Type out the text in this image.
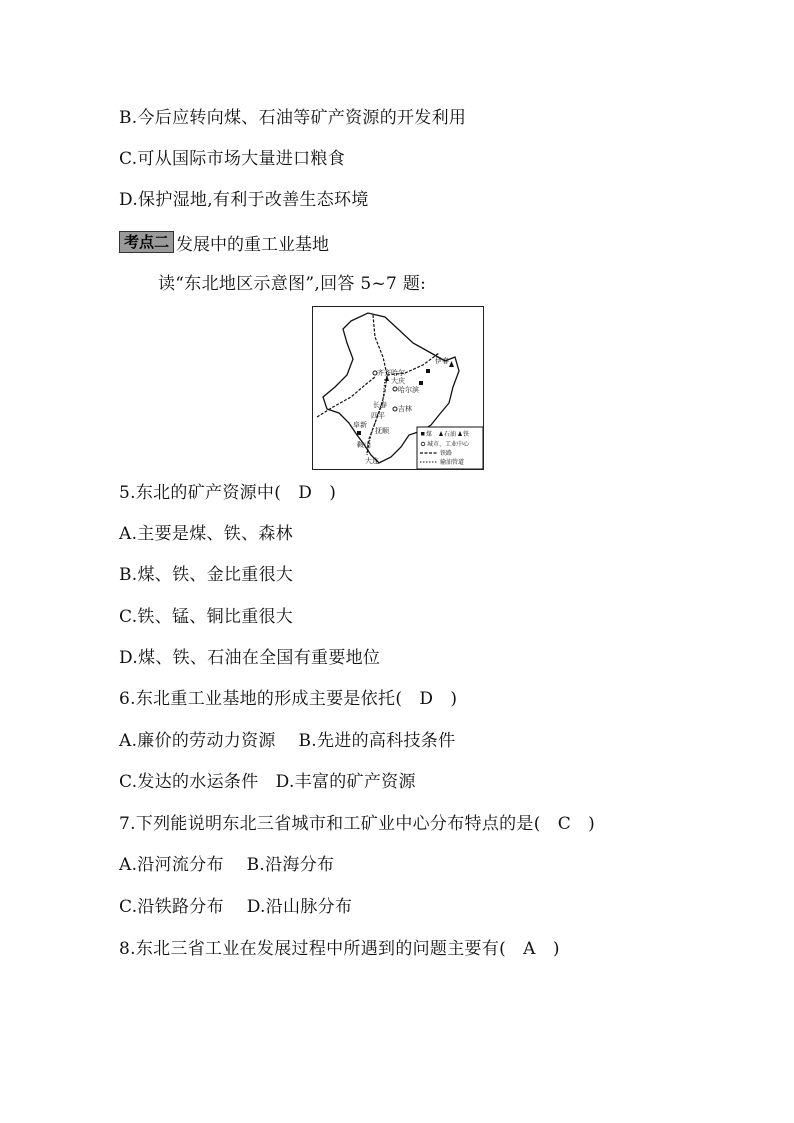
B.今后应转向煤、石油等矿产资源的开发利用
C.可从国际市场大量进口粮食
D.保护湿地,有利于改善生态环境
考点二 发展中的重工业基地
读“东北地区示意图”,回答 5~7 题:
伊春
齐齐哈尔
大庆
哈尔滨
长春 吉林
四平
阜新
抚顺
鞍山
大连
煤 石油 铁
城市、工业中心
铁路
输油管道
5.东北的矿产资源中(   D   )
A.主要是煤、铁、森林
B.煤、铁、金比重很大
C.铁、锰、铜比重很大
D.煤、铁、石油在全国有重要地位
6.东北重工业基地的形成主要是依托(   D   )
A.廉价的劳动力资源    B.先进的高科技条件
C.发达的水运条件   D.丰富的矿产资源
7.下列能说明东北三省城市和工矿业中心分布特点的是(   C   )
A.沿河流分布    B.沿海分布
C.沿铁路分布    D.沿山脉分布
8.东北三省工业在发展过程中所遇到的问题主要有(   A   )
